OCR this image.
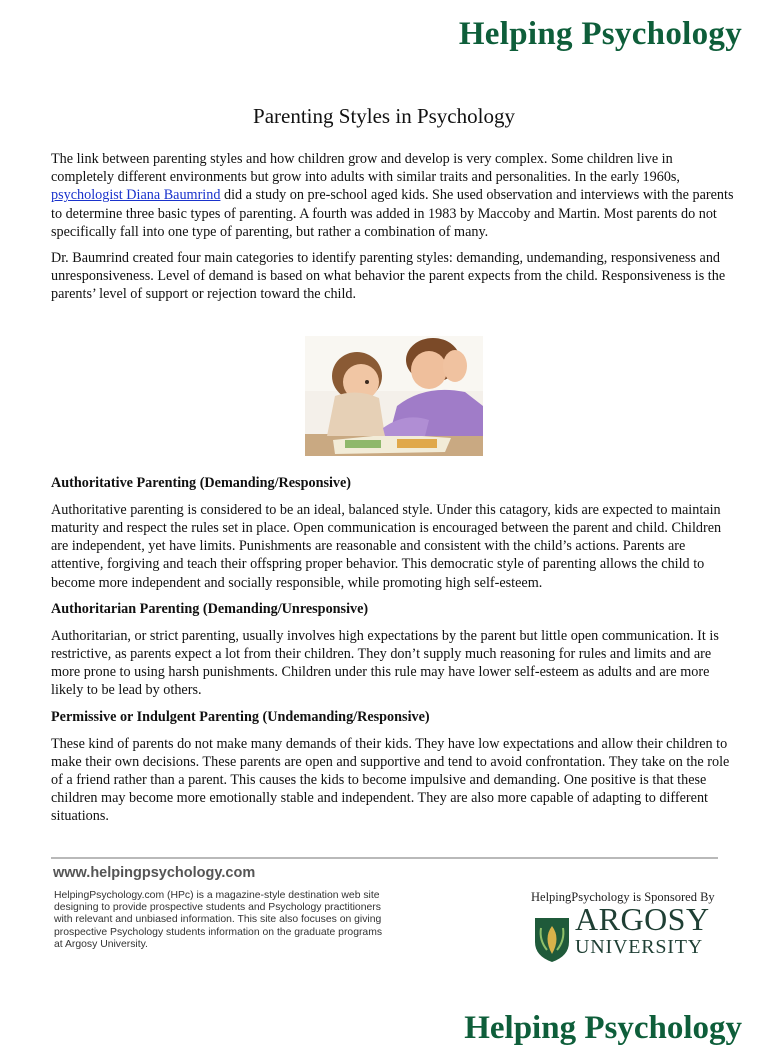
Helping Psychology
Parenting Styles in Psychology

The link between parenting styles and how children grow and develop is very complex. Some children live in completely different environments but grow into adults with similar traits and personalities. In the early 1960s, psychologist Diana Baumrind did a study on pre-school aged kids. She used observation and interviews with the parents to determine three basic types of parenting. A fourth was added in 1983 by Maccoby and Martin. Most parents do not specifically fall into one type of parenting, but rather a combination of many.

Dr. Baumrind created four main categories to identify parenting styles: demanding, undemanding, responsiveness and unresponsiveness. Level of demand is based on what behavior the parent expects from the child. Responsiveness is the parents’ level of support or rejection toward the child.

Authoritative Parenting (Demanding/Responsive)

Authoritative parenting is considered to be an ideal, balanced style. Under this catagory, kids are expected to maintain maturity and respect the rules set in place. Open communication is encouraged between the parent and child. Children are independent, yet have limits. Punishments are reasonable and consistent with the child’s actions. Parents are attentive, forgiving and teach their offspring proper behavior. This democratic style of parenting allows the child to become more independent and socially responsible, while promoting high self-esteem.

Authoritarian Parenting (Demanding/Unresponsive)

Authoritarian, or strict parenting, usually involves high expectations by the parent but little open communication. It is restrictive, as parents expect a lot from their children. They don’t supply much reasoning for rules and limits and are more prone to using harsh punishments. Children under this rule may have lower self-esteem as adults and are more likely to be lead by others.

Permissive or Indulgent Parenting (Undemanding/Responsive)

These kind of parents do not make many demands of their kids. They have low expectations and allow their children to make their own decisions. These parents are open and supportive and tend to avoid confrontation. They take on the role of a friend rather than a parent. This causes the kids to become impulsive and demanding. One positive is that these children may become more emotionally stable and independent. They are also more capable of adapting to different situations.

www.helpingpsychology.com
HelpingPsychology.com (HPc) is a magazine-style destination web site designing to provide prospective students and Psychology practitioners with relevant and unbiased information. This site also focuses on giving prospective Psychology students information on the graduate programs at Argosy University.
HelpingPsychology is Sponsored By
ARGOSY
UNIVERSITY
Helping Psychology
